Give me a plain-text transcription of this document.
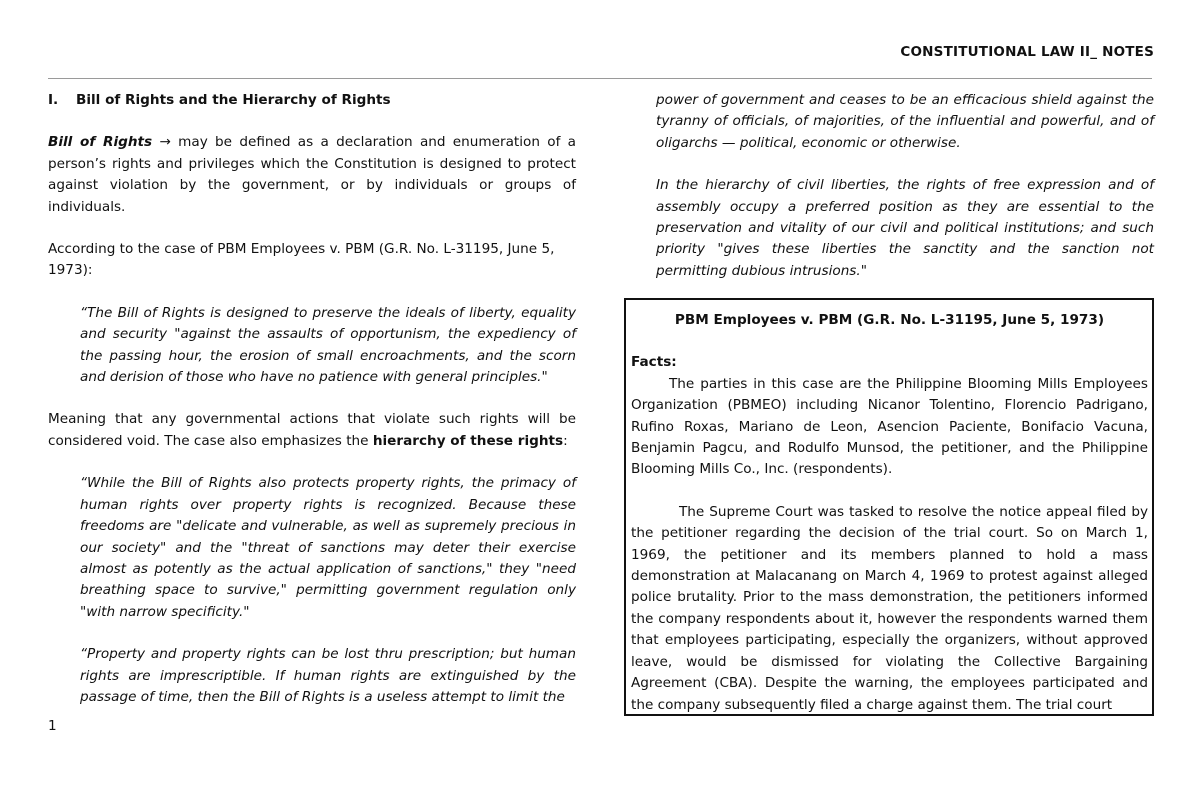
CONSTITUTIONAL LAW II_ NOTES

I. Bill of Rights and the Hierarchy of Rights

Bill of Rights → may be defined as a declaration and enumeration of a person’s rights and privileges which the Constitution is designed to protect against violation by the government, or by individuals or groups of individuals.

According to the case of PBM Employees v. PBM (G.R. No. L-31195, June 5, 1973):

“The Bill of Rights is designed to preserve the ideals of liberty, equality and security "against the assaults of opportunism, the expediency of the passing hour, the erosion of small encroachments, and the scorn and derision of those who have no patience with general principles."

Meaning that any governmental actions that violate such rights will be considered void. The case also emphasizes the hierarchy of these rights:

“While the Bill of Rights also protects property rights, the primacy of human rights over property rights is recognized. Because these freedoms are "delicate and vulnerable, as well as supremely precious in our society" and the "threat of sanctions may deter their exercise almost as potently as the actual application of sanctions," they "need breathing space to survive," permitting government regulation only "with narrow specificity."

“Property and property rights can be lost thru prescription; but human rights are imprescriptible. If human rights are extinguished by the passage of time, then the Bill of Rights is a useless attempt to limit the

power of government and ceases to be an efficacious shield against the tyranny of officials, of majorities, of the influential and powerful, and of oligarchs — political, economic or otherwise.

In the hierarchy of civil liberties, the rights of free expression and of assembly occupy a preferred position as they are essential to the preservation and vitality of our civil and political institutions; and such priority "gives these liberties the sanctity and the sanction not permitting dubious intrusions."

PBM Employees v. PBM (G.R. No. L-31195, June 5, 1973)

Facts:

The parties in this case are the Philippine Blooming Mills Employees Organization (PBMEO) including Nicanor Tolentino, Florencio Padrigano, Rufino Roxas, Mariano de Leon, Asencion Paciente, Bonifacio Vacuna, Benjamin Pagcu, and Rodulfo Munsod, the petitioner, and the Philippine Blooming Mills Co., Inc. (respondents).

The Supreme Court was tasked to resolve the notice appeal filed by the petitioner regarding the decision of the trial court. So on March 1, 1969, the petitioner and its members planned to hold a mass demonstration at Malacanang on March 4, 1969 to protest against alleged police brutality. Prior to the mass demonstration, the petitioners informed the company respondents about it, however the respondents warned them that employees participating, especially the organizers, without approved leave, would be dismissed for violating the Collective Bargaining Agreement (CBA). Despite the warning, the employees participated and the company subsequently filed a charge against them. The trial court

1
